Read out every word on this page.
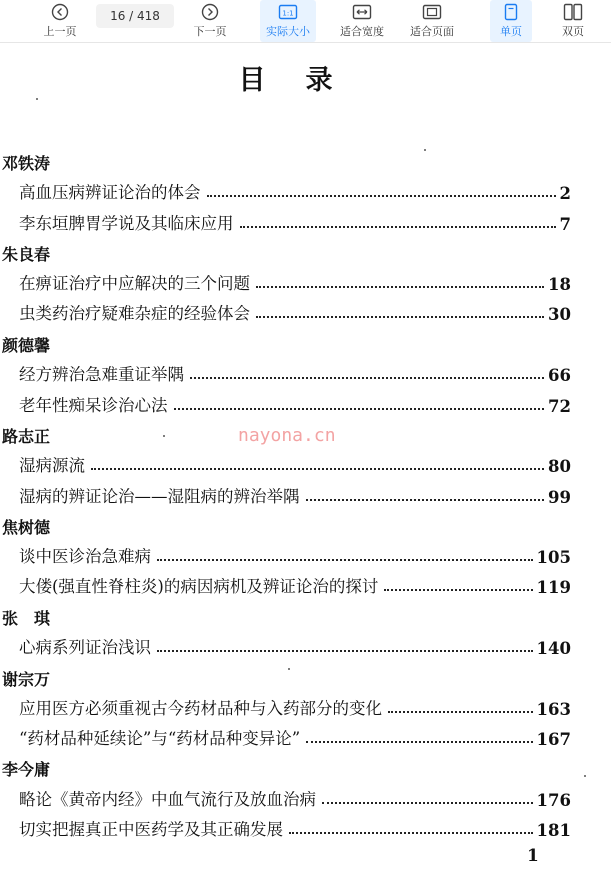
上一页
16 / 418
下一页
1:1
实际大小	适合宽度 适合页面	单页	双页
目录
邓铁涛
高血压病辨证论治的体会	2
李东垣脾胃学说及其临床应用	7
朱良春
在痹证治疗中应解决的三个问题	18
虫类药治疗疑难杂症的经验体会	30
颜德馨
经方辨治急难重证举隅	66
老年性痴呆诊治心法	72
路志正
湿病源流	80
湿病的辨证论治——湿阻病的辨治举隅	99
焦树德
谈中医诊治急难病	105
大偻(强直性脊柱炎)的病因病机及辨证论治的探讨	119
张　琪
心病系列证治浅识	140
谢宗万
应用医方必须重视古今药材品种与入药部分的变化	163
“药材品种延续论”与“药材品种变异论”	167
李今庸
略论《黄帝内经》中血气流行及放血治病	176
切实把握真正中医药学及其正确发展	181
nayona.cn
1
